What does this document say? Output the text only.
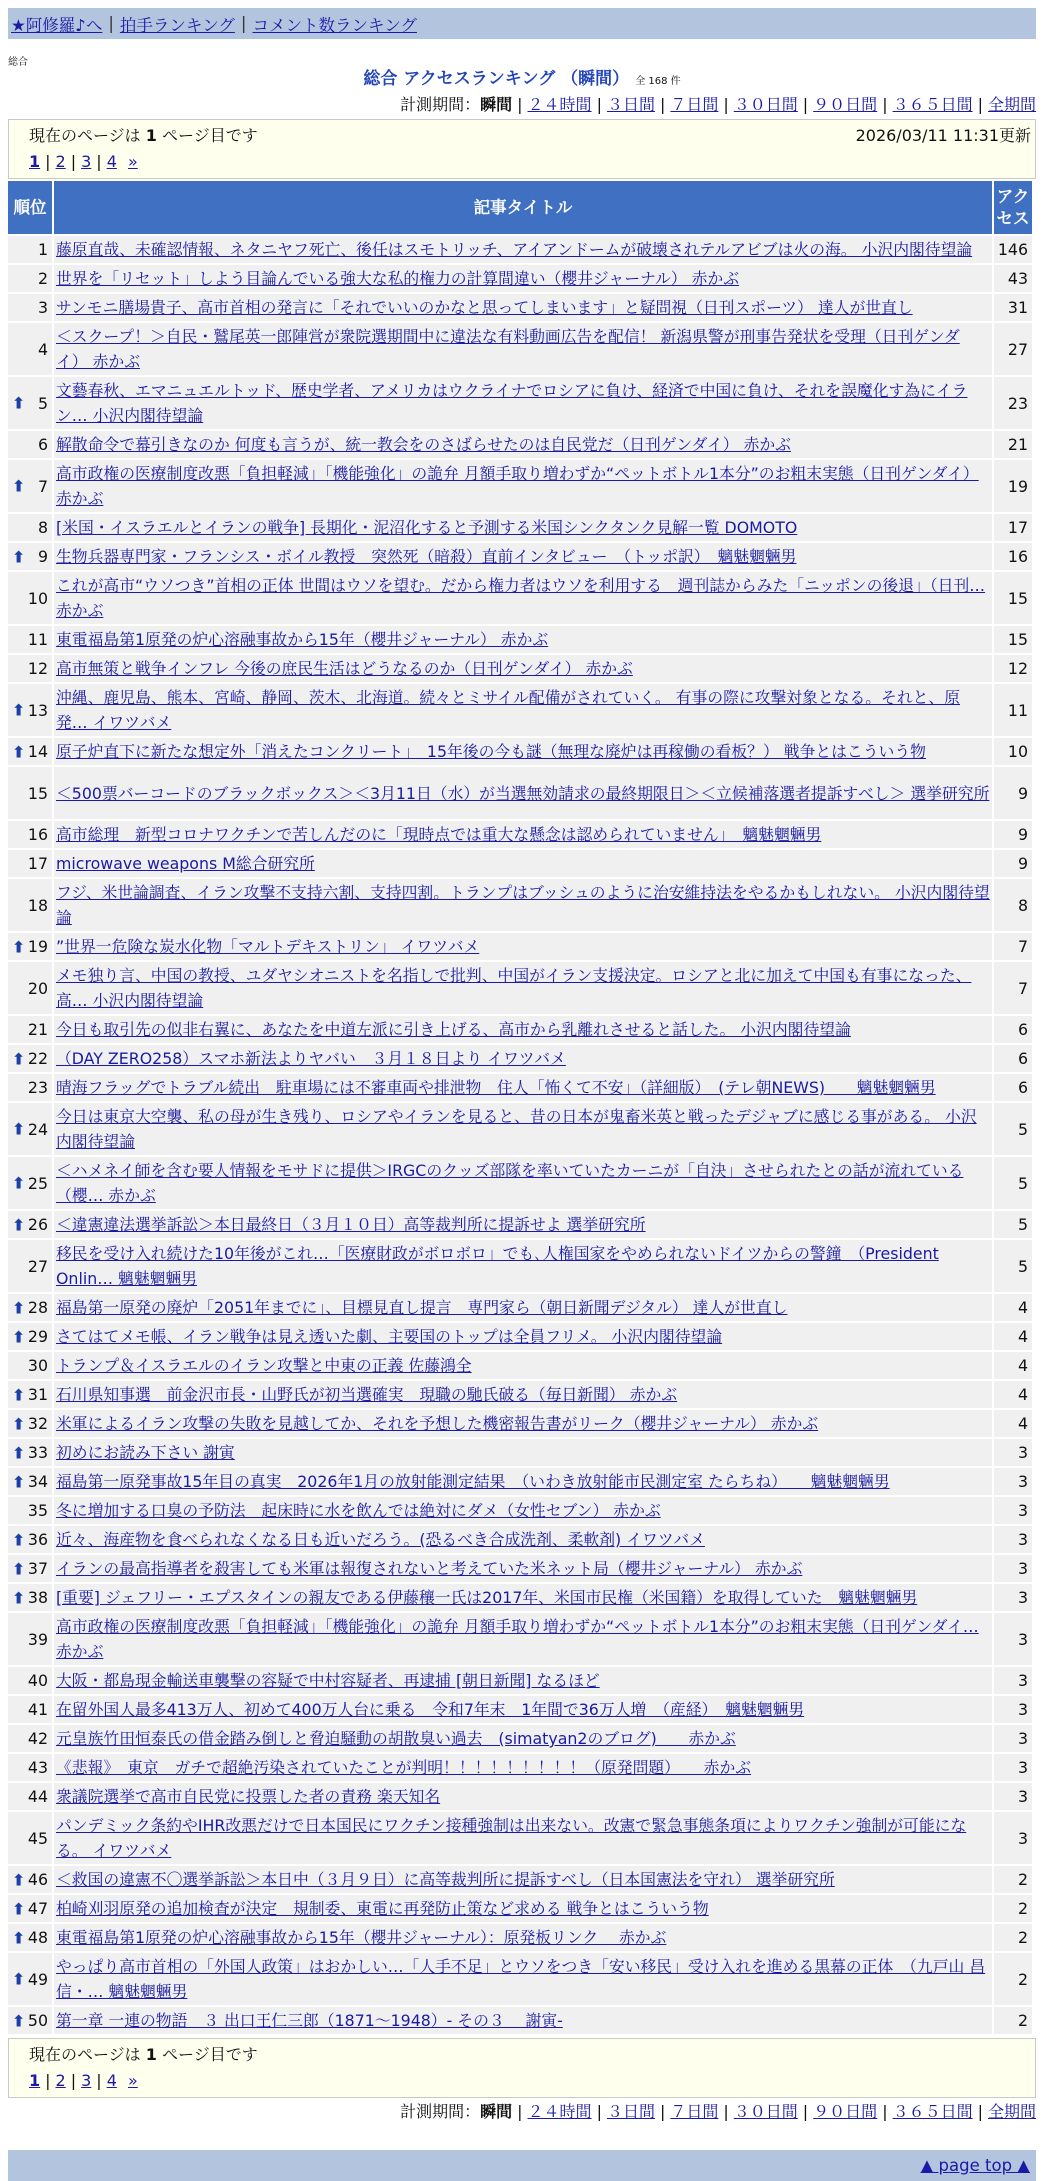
★阿修羅♪へ | 拍手ランキング | コメント数ランキング
総合
総合 アクセスランキング （瞬間） 全 168 件
計測期間：瞬間 | ２４時間 | ３日間 | ７日間 | ３０日間 | ９０日間 | ３６５日間 | 全期間
現在のページは 1 ページ目です	2026/03/11 11:31更新
1 | 2 | 3 | 4 »
順位	記事タイトル	アクセス
1	藤原直哉、未確認情報、ネタニヤフ死亡、後任はスモトリッチ、アイアンドームが破壊されテルアビブは火の海。 小沢内閣待望論	146
2	世界を「リセット」しよう目論んでいる強大な私的権力の計算間違い（櫻井ジャーナル） 赤かぶ	43
3	サンモニ膳場貴子、高市首相の発言に「それでいいのかなと思ってしまいます」と疑問視（日刊スポーツ） 達人が世直し	31
4	＜スクープ！＞自民・鷲尾英一郎陣営が衆院選期間中に違法な有料動画広告を配信！ 新潟県警が刑事告発状を受理（日刊ゲンダイ） 赤かぶ	27

⬆ 5	文藝春秋、エマニュエルトッド、歴史学者、アメリカはウクライナでロシアに負け、経済で中国に負け、それを誤魔化す為にイラン… 小沢内閣待望論	23
6	解散命令で幕引きなのか 何度も言うが、統一教会をのさばらせたのは自民党だ（日刊ゲンダイ） 赤かぶ	21

⬆ 7	高市政権の医療制度改悪「負担軽減」「機能強化」の詭弁 月額手取り増わずか“ペットボトル1本分”のお粗末実態（日刊ゲンダイ） 赤かぶ	19
8	[米国・イスラエルとイランの戦争] 長期化・泥沼化すると予測する米国シンクタンク見解一覧 DOMOTO	17

⬆ 9	生物兵器専門家・フランシス・ボイル教授　突然死（暗殺）直前インタビュー　（トッポ訳）　魑魅魍魎男	16
10	これが高市“ウソつき”首相の正体 世間はウソを望む。だから権力者はウソを利用する　週刊誌からみた「ニッポンの後退」（日刊… 赤かぶ	15
11	東電福島第1原発の炉心溶融事故から15年（櫻井ジャーナル） 赤かぶ	15
12	高市無策と戦争インフレ 今後の庶民生活はどうなるのか（日刊ゲンダイ） 赤かぶ	12

⬆ 13	沖縄、鹿児島、熊本、宮崎、静岡、茨木、北海道。続々とミサイル配備がされていく。 有事の際に攻撃対象となる。それと、原発… イワツバメ	11

⬆ 14	原子炉直下に新たな想定外「消えたコンクリート」　15年後の今も謎（無理な廃炉は再稼働の看板？） 戦争とはこういう物	10
15	＜500票バーコードのブラックボックス＞＜3月11日（水）が当選無効請求の最終期限日＞＜立候補落選者提訴すべし＞ 選挙研究所	9
16	高市総理　新型コロナワクチンで苦しんだのに「現時点では重大な懸念は認められていません」　魑魅魍魎男	9
17	microwave weapons M総合研究所	9
18	フジ、米世論調査、イラン攻撃不支持六割、支持四割。トランプはブッシュのように治安維持法をやるかもしれない。 小沢内閣待望論	8

⬆ 19	”世界一危険な炭水化物「マルトデキストリン」 イワツバメ	7
20	メモ独り言、中国の教授、ユダヤシオニストを名指しで批判、中国がイラン支援決定。ロシアと北に加えて中国も有事になった、高… 小沢内閣待望論	7
21	今日も取引先の似非右翼に、あなたを中道左派に引き上げる、高市から乳離れさせると話した。 小沢内閣待望論	6

⬆ 22	（DAY ZERO258）スマホ新法よりヤバい　３月１８日より イワツバメ	6
23	晴海フラッグでトラブル続出　駐車場には不審車両や排泄物　住人「怖くて不安」（詳細版）　(テレ朝NEWS)　　魑魅魍魎男	6

⬆ 24	今日は東京大空襲、私の母が生き残り、ロシアやイランを見ると、昔の日本が鬼畜米英と戦ったデジャブに感じる事がある。 小沢内閣待望論	5

⬆ 25	＜ハメネイ師を含む要人情報をモサドに提供＞IRGCのクッズ部隊を率いていたカーニが「自決」させられたとの話が流れている（櫻… 赤かぶ	5

⬆ 26	＜違憲違法選挙訴訟＞本日最終日（３月１０日）高等裁判所に提訴せよ 選挙研究所	5
27	移民を受け入れ続けた10年後がこれ…「医療財政がボロボロ」でも､人権国家をやめられないドイツからの警鐘　（President Onlin… 魑魅魍魎男	5

⬆ 28	福島第一原発の廃炉「2051年までに」、目標見直し提言　専門家ら（朝日新聞デジタル） 達人が世直し	4

⬆ 29	さてはてメモ帳、イラン戦争は見え透いた劇、主要国のトップは全員フリメ。 小沢内閣待望論	4
30	トランプ＆イスラエルのイラン攻撃と中東の正義 佐藤鴻全	4

⬆ 31	石川県知事選　前金沢市長・山野氏が初当選確実　現職の馳氏破る（毎日新聞） 赤かぶ	4

⬆ 32	米軍によるイラン攻撃の失敗を見越してか、それを予想した機密報告書がリーク（櫻井ジャーナル） 赤かぶ	4

⬆ 33	初めにお読み下さい 謝寅	3

⬆ 34	福島第一原発事故15年目の真実　2026年1月の放射能測定結果　（いわき放射能市民測定室 たらちね）　　魑魅魍魎男	3
35	冬に増加する口臭の予防法　起床時に水を飲んでは絶対にダメ（女性セブン） 赤かぶ	3

⬆ 36	近々、海産物を食べられなくなる日も近いだろう。(恐るべき合成洗剤、柔軟剤) イワツバメ	3

⬆ 37	イランの最高指導者を殺害しても米軍は報復されないと考えていた米ネット局（櫻井ジャーナル） 赤かぶ	3

⬆ 38	[重要] ジェフリー・エプスタインの親友である伊藤穰一氏は2017年、米国市民権（米国籍）を取得していた　魑魅魍魎男	3
39	高市政権の医療制度改悪「負担軽減」「機能強化」の詭弁 月額手取り増わずか“ペットボトル1本分”のお粗末実態（日刊ゲンダイ… 赤かぶ	3
40	大阪・都島現金輸送車襲撃の容疑で中村容疑者、再逮捕 [朝日新聞] なるほど	3
41	在留外国人最多413万人、初めて400万人台に乗る　令和7年末　1年間で36万人増　（産経）　魑魅魍魎男	3
42	元皇族竹田恒泰氏の借金踏み倒しと脅迫騒動の胡散臭い過去　(simatyan2のブログ)　　赤かぶ	3
43	《悲報》　東京　ガチで超絶汚染されていたことが判明！！！！！！！！！（原発問題）　　赤かぶ	3
44	衆議院選挙で高市自民党に投票した者の責務 楽天知名	3
45	パンデミック条約やIHR改悪だけで日本国民にワクチン接種強制は出来ない。改憲で緊急事態条項によりワクチン強制が可能になる。 イワツバメ	3

⬆ 46	＜救国の違憲不〇選挙訴訟＞本日中（３月９日）に高等裁判所に提訴すべし（日本国憲法を守れ） 選挙研究所	2

⬆ 47	柏崎刈羽原発の追加検査が決定　規制委、東電に再発防止策など求める 戦争とはこういう物	2

⬆ 48	東電福島第1原発の炉心溶融事故から15年（櫻井ジャーナル）：原発板リンク　 赤かぶ	2

⬆ 49	やっぱり高市首相の「外国人政策」はおかしい…「人手不足」とウソをつき「安い移民」受け入れを進める黒幕の正体　（九戸山 昌信・… 魑魅魍魎男	2

⬆ 50	第一章 一連の物語　３ 出口王仁三郎（1871～1948）- その３　 謝寅-	2
現在のページは 1 ページ目です
1 | 2 | 3 | 4 »
計測期間：瞬間 | ２４時間 | ３日間 | ７日間 | ３０日間 | ９０日間 | ３６５日間 | 全期間
▲ page top ▲
